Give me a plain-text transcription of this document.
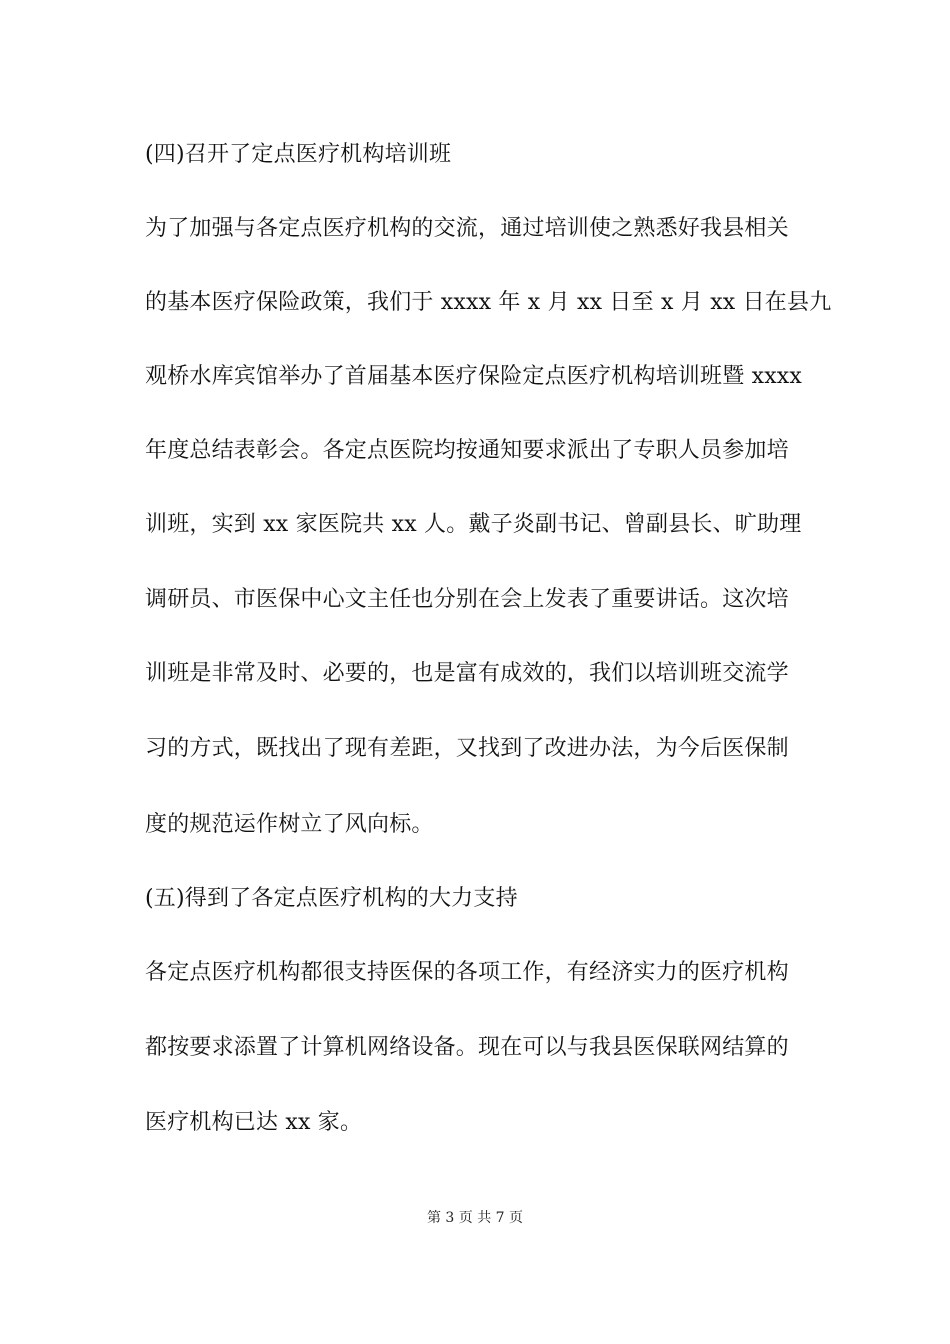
(四)召开了定点医疗机构培训班
为了加强与各定点医疗机构的交流，通过培训使之熟悉好我县相关
的基本医疗保险政策，我们于 xxxx 年 x 月 xx 日至 x 月 xx 日在县九
观桥水库宾馆举办了首届基本医疗保险定点医疗机构培训班暨 xxxx
年度总结表彰会。各定点医院均按通知要求派出了专职人员参加培
训班，实到 xx 家医院共 xx 人。戴子炎副书记、曾副县长、旷助理
调研员、市医保中心文主任也分别在会上发表了重要讲话。这次培
训班是非常及时、必要的，也是富有成效的，我们以培训班交流学
习的方式，既找出了现有差距，又找到了改进办法，为今后医保制
度的规范运作树立了风向标。
(五)得到了各定点医疗机构的大力支持
各定点医疗机构都很支持医保的各项工作，有经济实力的医疗机构
都按要求添置了计算机网络设备。现在可以与我县医保联网结算的
医疗机构已达 xx 家。
第 3 页 共 7 页
